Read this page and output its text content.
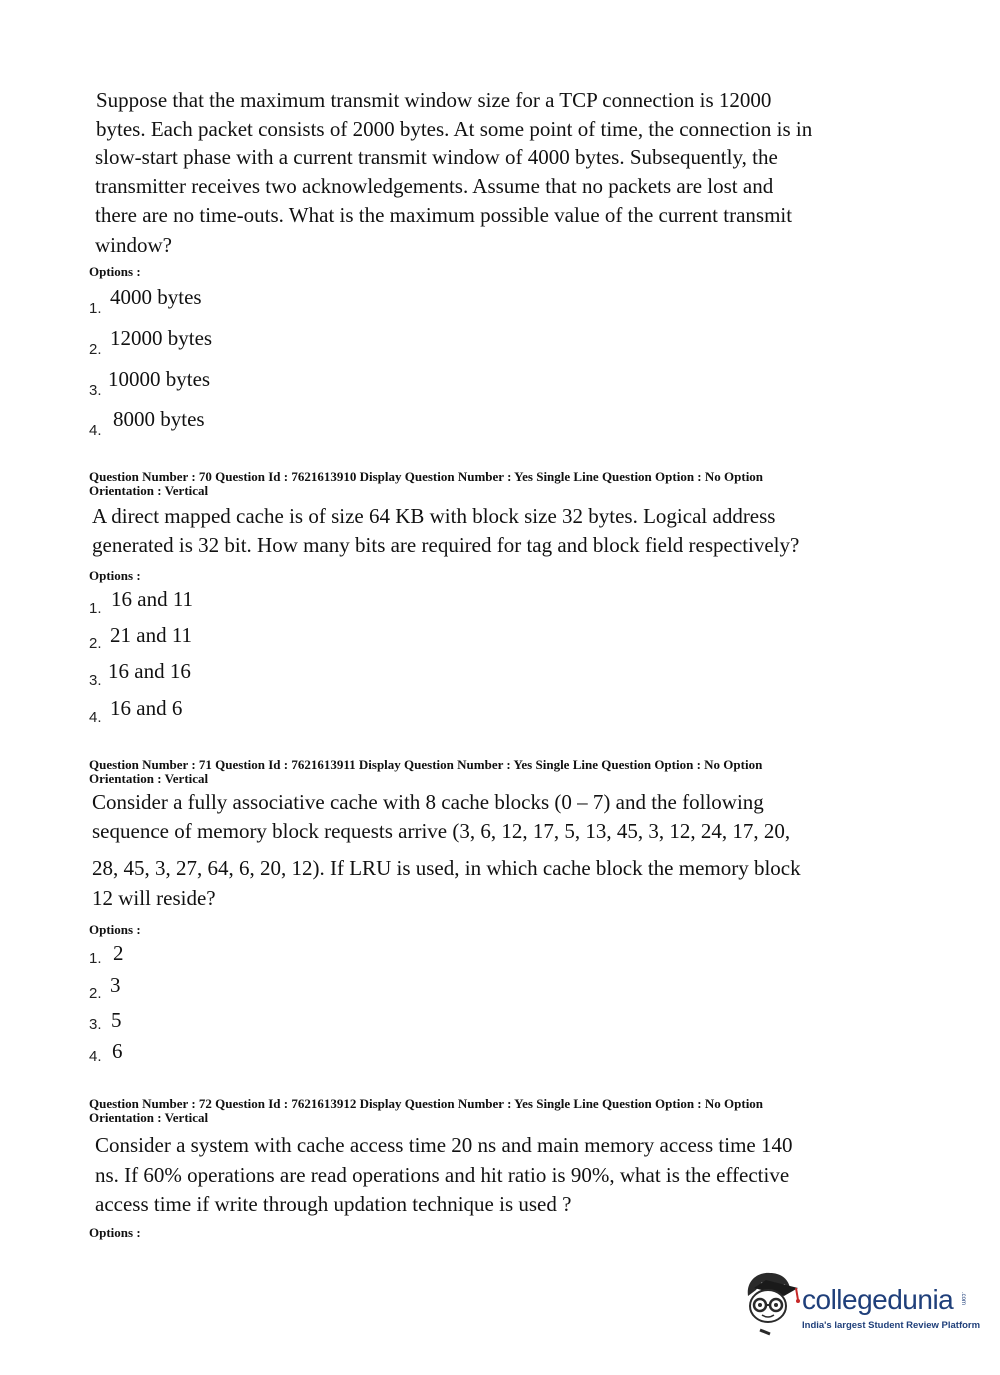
Suppose that the maximum transmit window size for a TCP connection is 12000

bytes. Each packet consists of 2000 bytes. At some point of time, the connection is in

slow-start phase with a current transmit window of 4000 bytes. Subsequently, the

transmitter receives two acknowledgements. Assume that no packets are lost and

there are no time-outs. What is the maximum possible value of the current transmit

window?

Options :
1. 4000 bytes
2. 12000 bytes
3. 10000 bytes
4. 8000 bytes
Question Number : 70 Question Id : 7621613910 Display Question Number : Yes Single Line Question Option : No Option
Orientation : Vertical

A direct mapped cache is of size 64 KB with block size 32 bytes. Logical address

generated is 32 bit. How many bits are required for tag and block field respectively?

Options :
1. 16 and 11
2. 21 and 11
3. 16 and 16
4. 16 and 6
Question Number : 71 Question Id : 7621613911 Display Question Number : Yes Single Line Question Option : No Option
Orientation : Vertical

Consider a fully associative cache with 8 cache blocks (0 – 7) and the following

sequence of memory block requests arrive (3, 6, 12, 17, 5, 13, 45, 3, 12, 24, 17, 20,

28, 45, 3, 27, 64, 6, 20, 12). If LRU is used, in which cache block the memory block

12 will reside?

Options :
1. 2
2. 3
3. 5
4. 6
Question Number : 72 Question Id : 7621613912 Display Question Number : Yes Single Line Question Option : No Option
Orientation : Vertical

Consider a system with cache access time 20 ns and main memory access time 140

ns. If 60% operations are read operations and hit ratio is 90%, what is the effective

access time if write through updation technique is used ?

Options :
collegedunia .com
India's largest Student Review Platform
